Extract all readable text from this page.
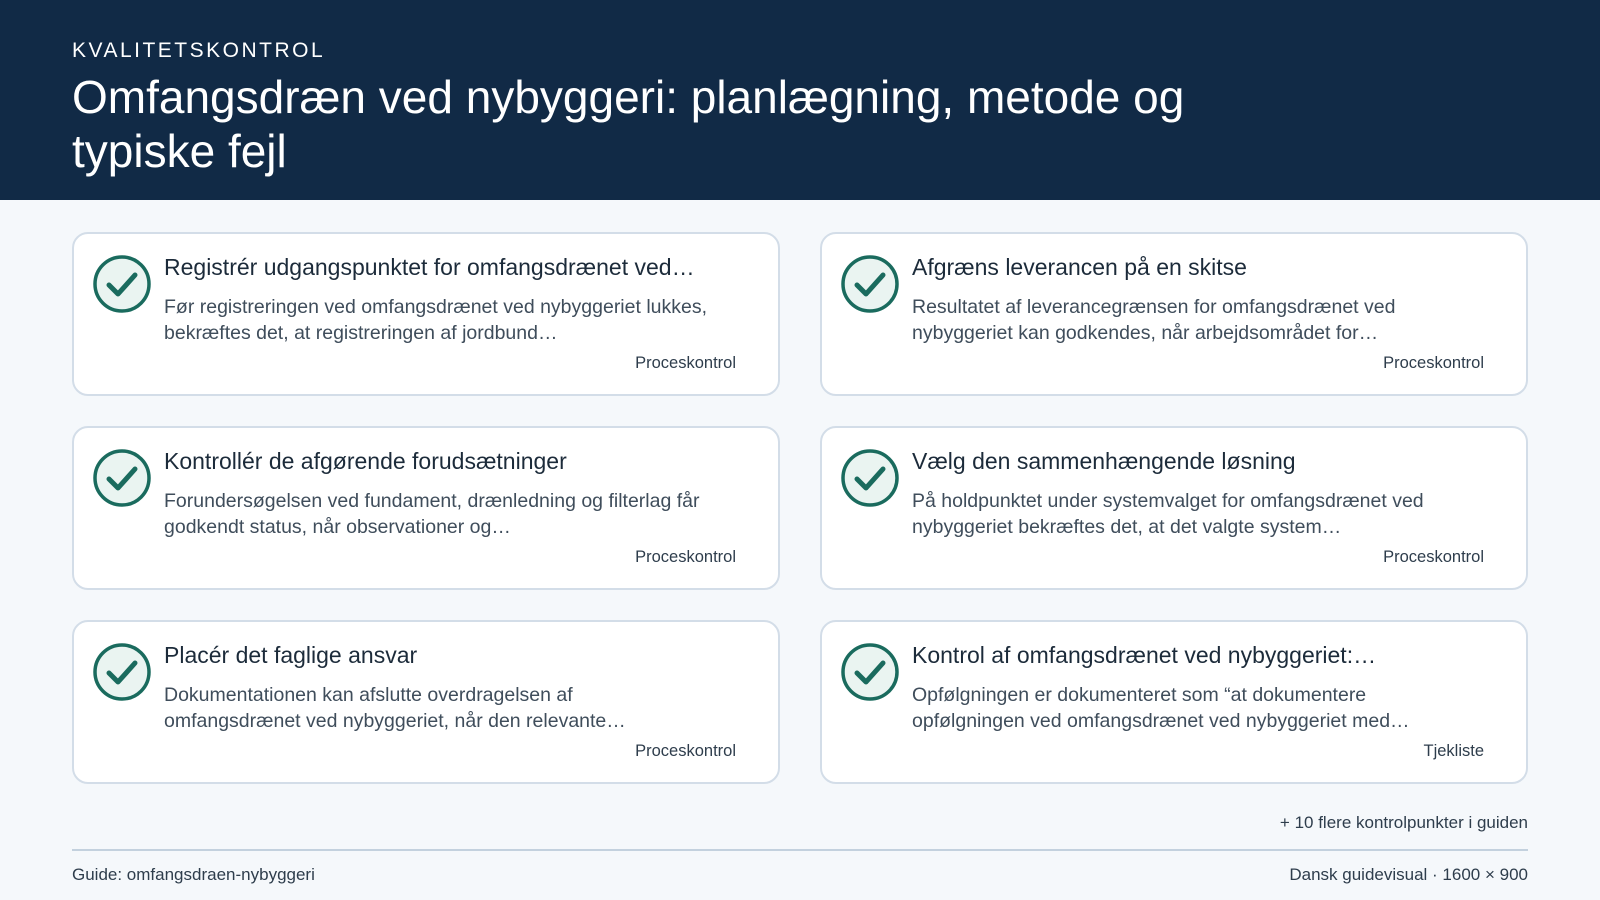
KVALITETSKONTROL
Omfangsdræn ved nybyggeri: planlægning, metode og typiske fejl
Registrér udgangspunktet for omfangsdrænet ved…
Før registreringen ved omfangsdrænet ved nybyggeriet lukkes, bekræftes det, at registreringen af jordbund…
Proceskontrol
Afgræns leverancen på en skitse
Resultatet af leverancegrænsen for omfangsdrænet ved nybyggeriet kan godkendes, når arbejdsområdet for…
Proceskontrol
Kontrollér de afgørende forudsætninger
Forundersøgelsen ved fundament, drænledning og filterlag får godkendt status, når observationer og…
Proceskontrol
Vælg den sammenhængende løsning
På holdpunktet under systemvalget for omfangsdrænet ved nybyggeriet bekræftes det, at det valgte system…
Proceskontrol
Placér det faglige ansvar
Dokumentationen kan afslutte overdragelsen af omfangsdrænet ved nybyggeriet, når den relevante…
Proceskontrol
Kontrol af omfangsdrænet ved nybyggeriet:…
Opfølgningen er dokumenteret som “at dokumentere opfølgningen ved omfangsdrænet ved nybyggeriet med…
Tjekliste
+ 10 flere kontrolpunkter i guiden
Guide: omfangsdraen-nybyggeri	Dansk guidevisual · 1600 × 900
